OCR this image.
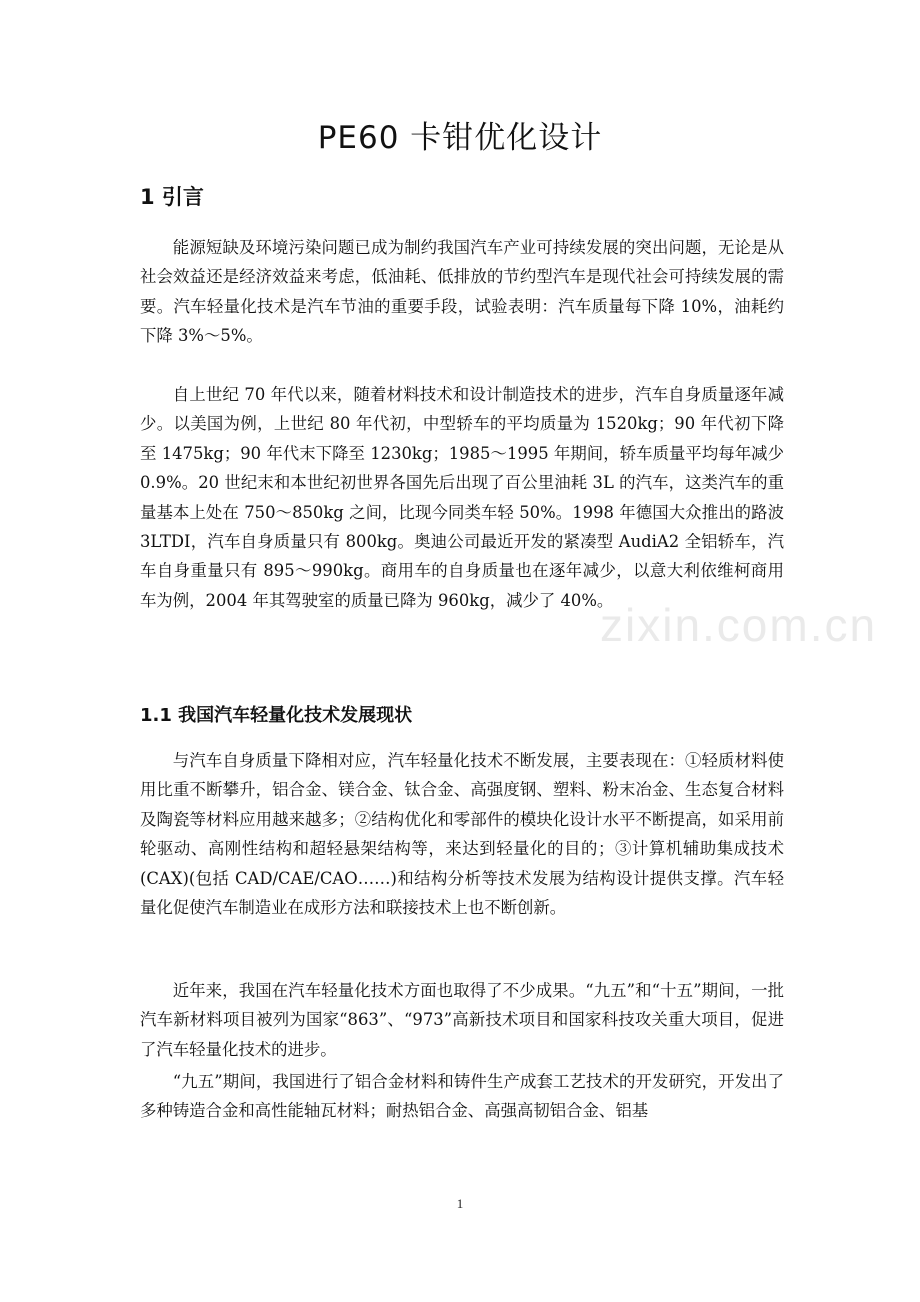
zixin.com.cn
PE60 卡钳优化设计
1 引言

能源短缺及环境污染问题已成为制约我国汽车产业可持续发展的突出问题，无论是从社会效益还是经济效益来考虑，低油耗、低排放的节约型汽车是现代社会可持续发展的需要。汽车轻量化技术是汽车节油的重要手段，试验表明：汽车质量每下降 10%，油耗约下降 3%～5%。

自上世纪 70 年代以来，随着材料技术和设计制造技术的进步，汽车自身质量逐年减少。以美国为例，上世纪 80 年代初，中型轿车的平均质量为 1520kg；90 年代初下降至 1475kg；90 年代末下降至 1230kg；1985～1995 年期间，轿车质量平均每年减少 0.9%。20 世纪末和本世纪初世界各国先后出现了百公里油耗 3L 的汽车，这类汽车的重量基本上处在 750～850kg 之间，比现今同类车轻 50%。1998 年德国大众推出的路波 3LTDI，汽车自身质量只有 800kg。奥迪公司最近开发的紧凑型 AudiA2 全铝轿车，汽车自身重量只有 895～990kg。商用车的自身质量也在逐年减少，以意大利依维柯商用车为例，2004 年其驾驶室的质量已降为 960kg，减少了 40%。

1.1 我国汽车轻量化技术发展现状

与汽车自身质量下降相对应，汽车轻量化技术不断发展，主要表现在：①轻质材料使用比重不断攀升，铝合金、镁合金、钛合金、高强度钢、塑料、粉末冶金、生态复合材料及陶瓷等材料应用越来越多；②结构优化和零部件的模块化设计水平不断提高，如采用前轮驱动、高刚性结构和超轻悬架结构等，来达到轻量化的目的；③计算机辅助集成技术(CAX)(包括 CAD/CAE/CAO……)和结构分析等技术发展为结构设计提供支撑。汽车轻量化促使汽车制造业在成形方法和联接技术上也不断创新。

近年来，我国在汽车轻量化技术方面也取得了不少成果。“九五”和“十五”期间，一批汽车新材料项目被列为国家“863”、“973”高新技术项目和国家科技攻关重大项目，促进了汽车轻量化技术的进步。

“九五”期间，我国进行了铝合金材料和铸件生产成套工艺技术的开发研究，开发出了多种铸造合金和高性能轴瓦材料；耐热铝合金、高强高韧铝合金、铝基

1
